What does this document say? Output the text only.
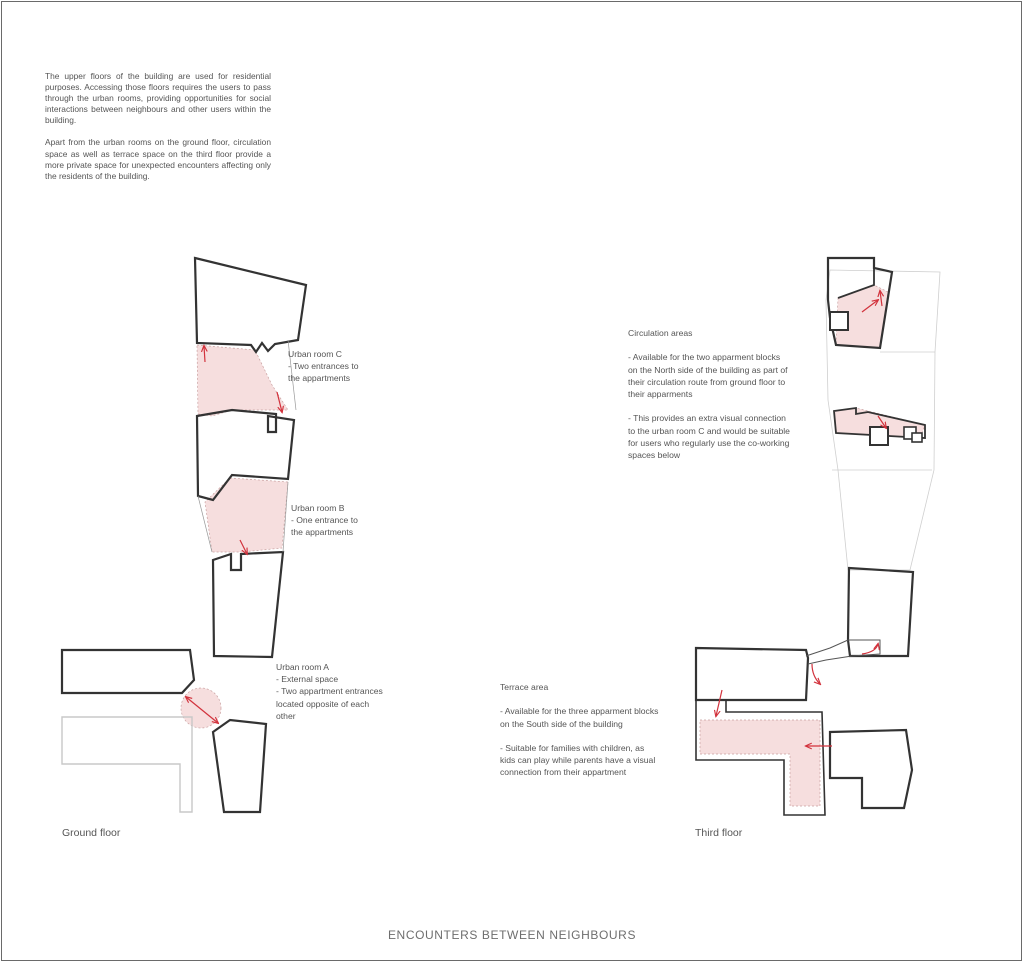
The upper floors of the building are used for residential purposes. Accessing those floors requires the users to pass through the urban rooms, providing opportunities for social interactions between neighbours and other users within the building.

Apart from the urban rooms on the ground floor, circulation space as well as terrace space on the third floor provide a more private space for unexpected encounters affecting only the residents of the building.

Urban room C
- Two entrances to
the appartments
Urban room B
- One entrance to
the appartments
Urban room A
- External space
- Two appartment entrances
located opposite of each
other
Circulation areas

- Available for the two apparment blocks
on the North side of the building as part of
their circulation route from ground floor to
their apparments

- This provides an extra visual connection
to the urban room C and would be suitable
for users who regularly use the co-working
spaces below
Terrace area

- Available for the three apparment blocks
on the South side of the building

- Suitable for families with children, as
kids can play while parents have a visual
connection from their appartment
Ground floor	Third floor
ENCOUNTERS BETWEEN NEIGHBOURS
